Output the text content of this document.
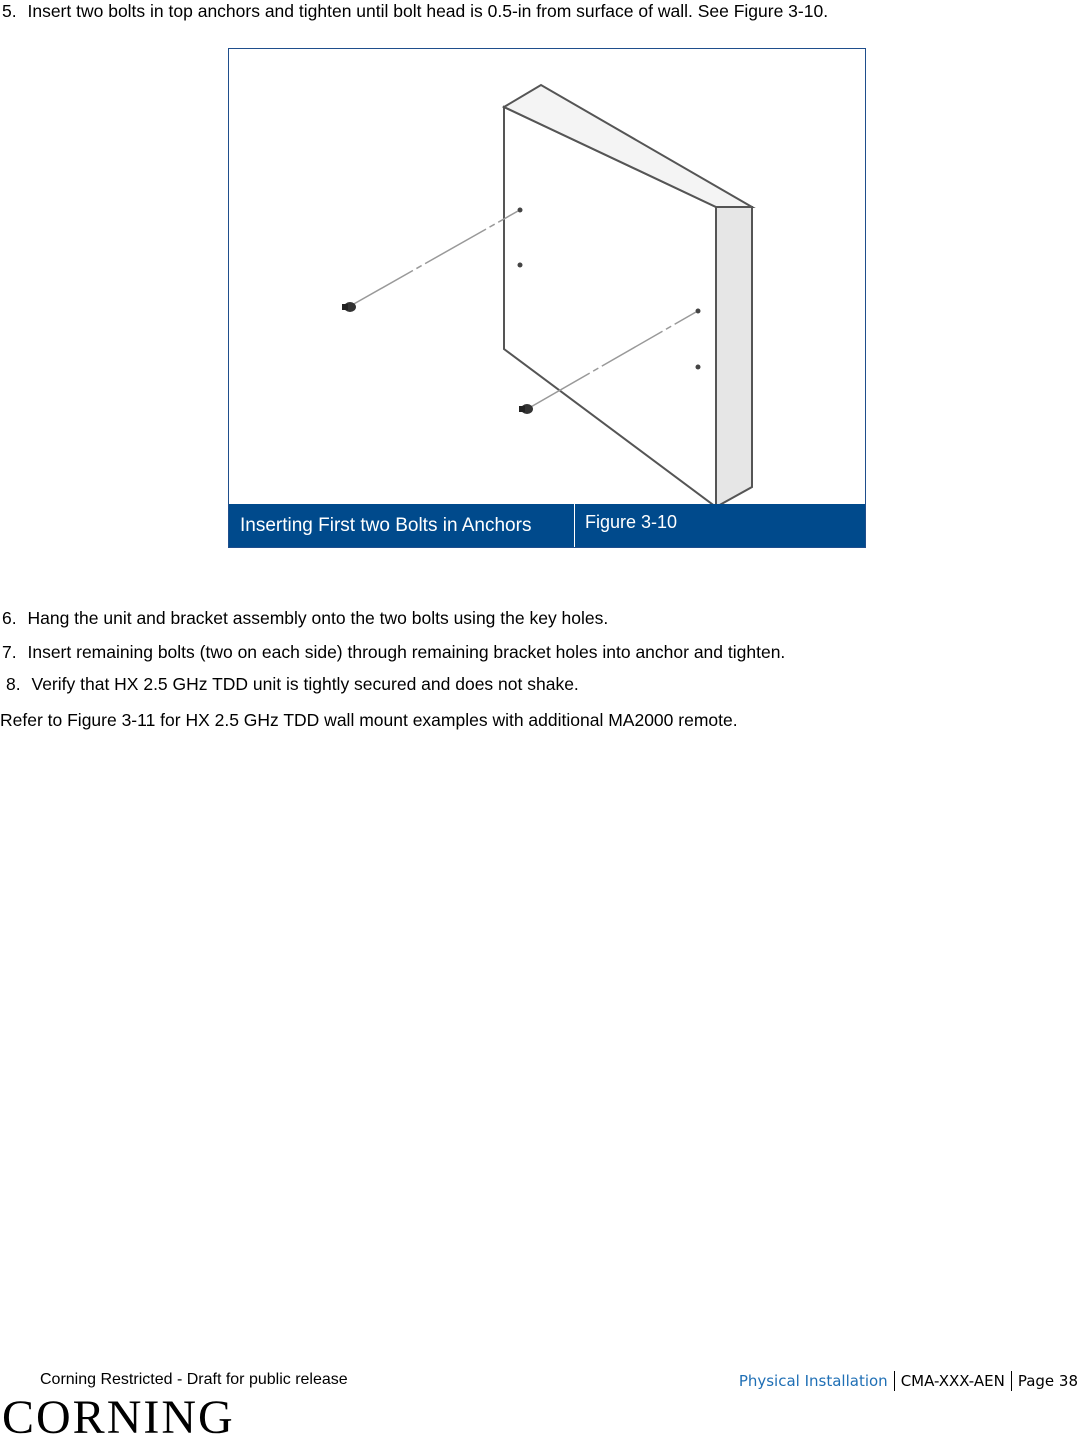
5. Insert two bolts in top anchors and tighten until bolt head is 0.5-in from surface of wall. See Figure 3-10.
Inserting First two Bolts in Anchors	Figure 3-10
6. Hang the unit and bracket assembly onto the two bolts using the key holes.
7. Insert remaining bolts (two on each side) through remaining bracket holes into anchor and tighten.
8. Verify that HX 2.5 GHz TDD unit is tightly secured and does not shake.
Refer to Figure 3-11 for HX 2.5 GHz TDD wall mount examples with additional MA2000 remote.
Corning Restricted - Draft for public release	Physical Installation CMA-XXX-AEN Page 38
CORNING
